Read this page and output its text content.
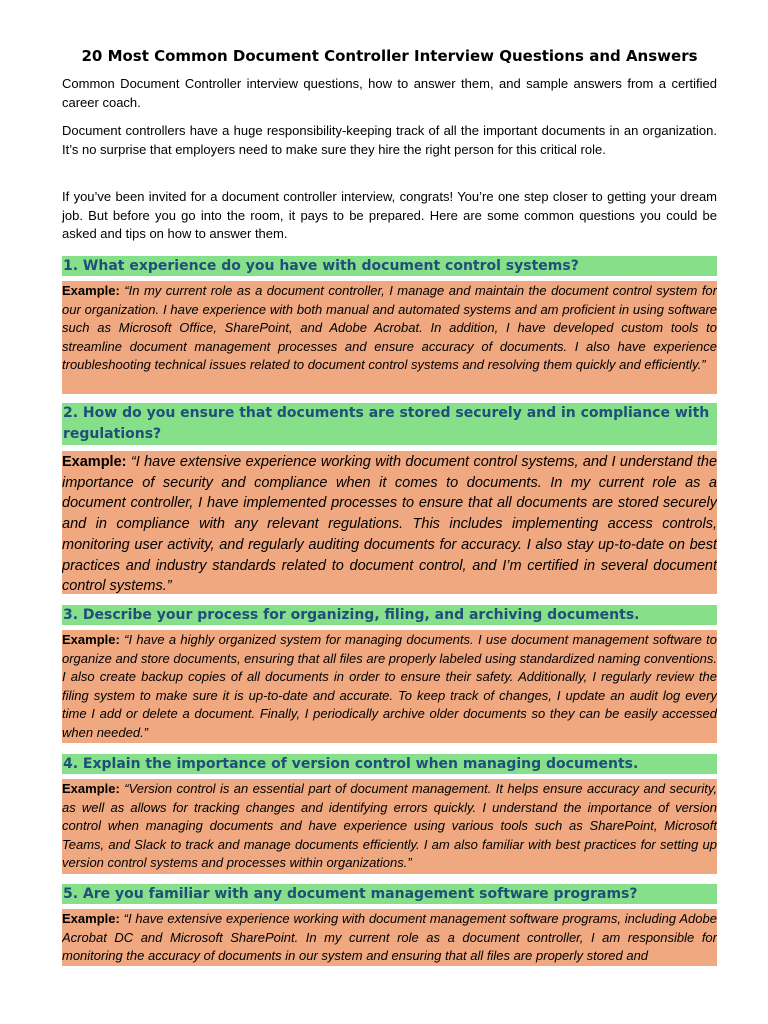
20 Most Common Document Controller Interview Questions and Answers

Common Document Controller interview questions, how to answer them, and sample answers from a certified career coach.

Document controllers have a huge responsibility-keeping track of all the important documents in an organization. It’s no surprise that employers need to make sure they hire the right person for this critical role.

If you’ve been invited for a document controller interview, congrats! You’re one step closer to getting your dream job. But before you go into the room, it pays to be prepared. Here are some common questions you could be asked and tips on how to answer them.

1. What experience do you have with document control systems?

Example: “In my current role as a document controller, I manage and maintain the document control system for our organization. I have experience with both manual and automated systems and am proficient in using software such as Microsoft Office, SharePoint, and Adobe Acrobat. In addition, I have developed custom tools to streamline document management processes and ensure accuracy of documents. I also have experience troubleshooting technical issues related to document control systems and resolving them quickly and efficiently.”

2. How do you ensure that documents are stored securely and in compliance with regulations?

Example: “I have extensive experience working with document control systems, and I understand the importance of security and compliance when it comes to documents. In my current role as a document controller, I have implemented processes to ensure that all documents are stored securely and in compliance with any relevant regulations. This includes implementing access controls, monitoring user activity, and regularly auditing documents for accuracy. I also stay up-to-date on best practices and industry standards related to document control, and I’m certified in several document control systems.”

3. Describe your process for organizing, filing, and archiving documents.

Example: “I have a highly organized system for managing documents. I use document management software to organize and store documents, ensuring that all files are properly labeled using standardized naming conventions. I also create backup copies of all documents in order to ensure their safety. Additionally, I regularly review the filing system to make sure it is up-to-date and accurate. To keep track of changes, I update an audit log every time I add or delete a document. Finally, I periodically archive older documents so they can be easily accessed when needed.”

4. Explain the importance of version control when managing documents.

Example: “Version control is an essential part of document management. It helps ensure accuracy and security, as well as allows for tracking changes and identifying errors quickly. I understand the importance of version control when managing documents and have experience using various tools such as SharePoint, Microsoft Teams, and Slack to track and manage documents efficiently. I am also familiar with best practices for setting up version control systems and processes within organizations.”

5. Are you familiar with any document management software programs?

Example: “I have extensive experience working with document management software programs, including Adobe Acrobat DC and Microsoft SharePoint. In my current role as a document controller, I am responsible for monitoring the accuracy of documents in our system and ensuring that all files are properly stored and
